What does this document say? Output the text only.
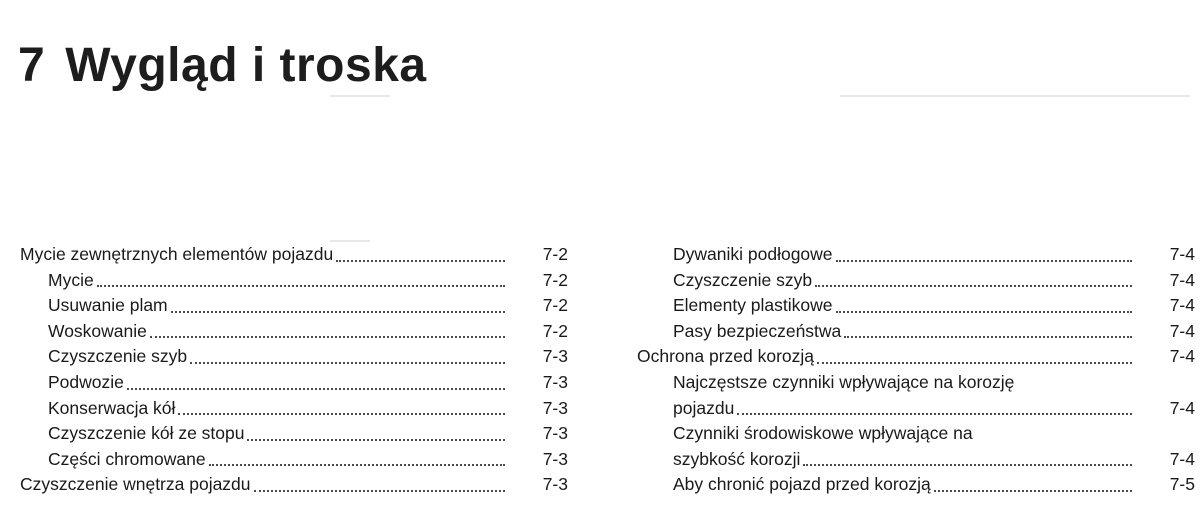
7 Wygląd i troska
Mycie zewnętrznych elementów pojazdu	7-2
Mycie	7-2
Usuwanie plam	7-2
Woskowanie	7-2
Czyszczenie szyb	7-3
Podwozie	7-3
Konserwacja kół	7-3
Czyszczenie kół ze stopu	7-3
Części chromowane	7-3
Czyszczenie wnętrza pojazdu	7-3
Dywaniki podłogowe	7-4
Czyszczenie szyb	7-4
Elementy plastikowe	7-4
Pasy bezpieczeństwa	7-4
Ochrona przed korozją	7-4
Najczęstsze czynniki wpływające na korozję
pojazdu	7-4
Czynniki środowiskowe wpływające na
szybkość korozji	7-4
Aby chronić pojazd przed korozją	7-5
